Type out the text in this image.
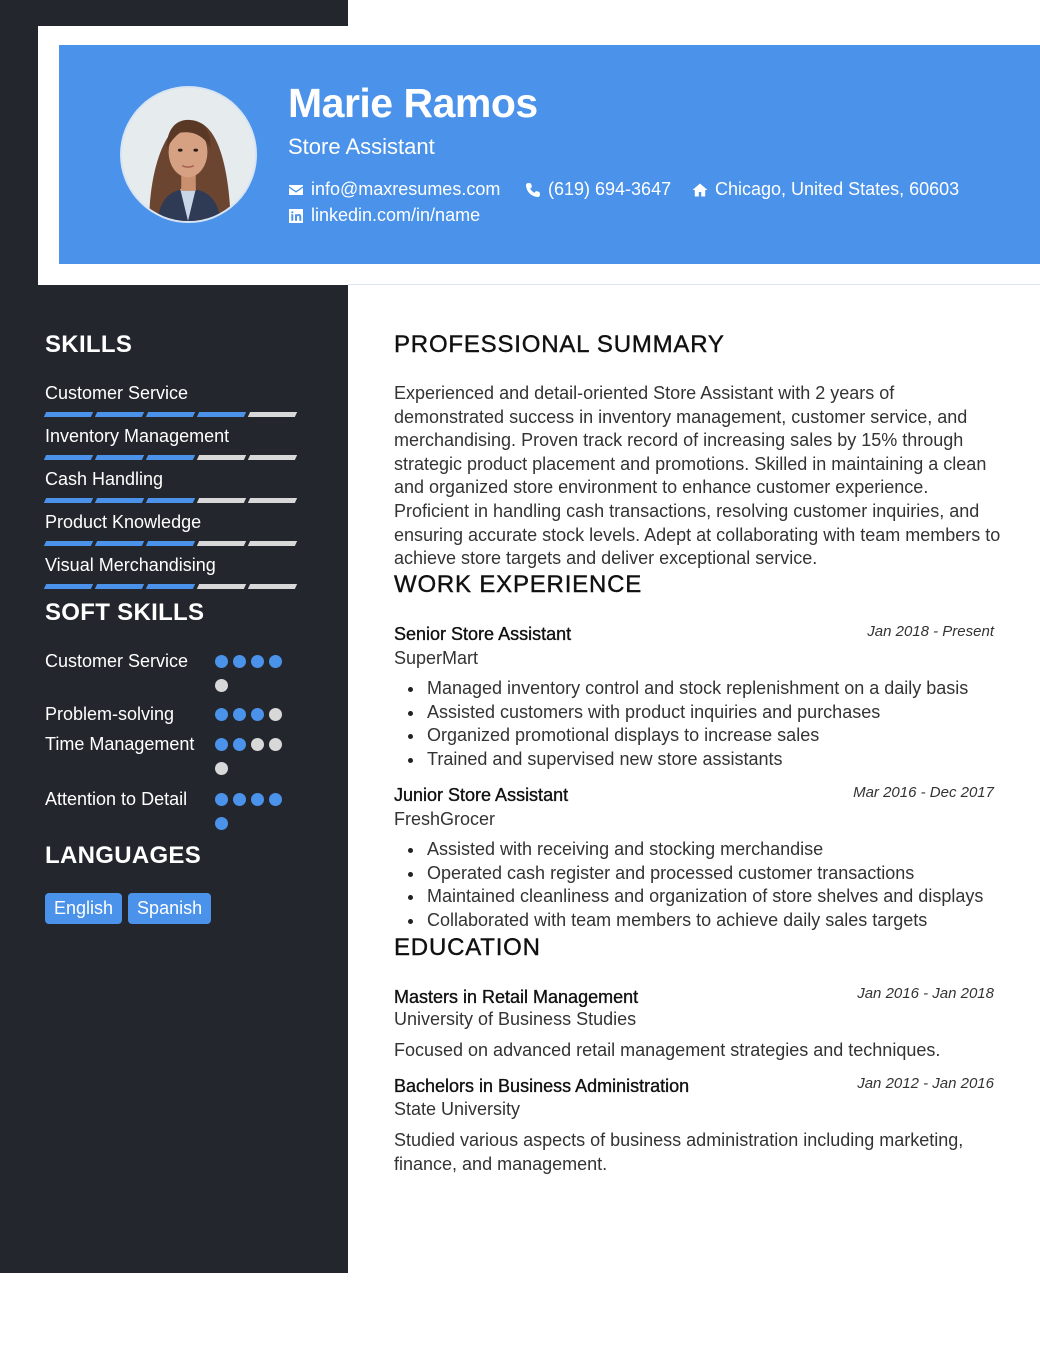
Marie Ramos
Store Assistant
info@maxresumes.com	(619) 694-3647 Chicago, United States, 60603
linkedin.com/in/name
SKILLS
Customer Service
Inventory Management
Cash Handling
Product Knowledge
Visual Merchandising
SOFT SKILLS
Customer Service
Problem-solving
Time Management
Attention to Detail
LANGUAGES
English	Spanish
PROFESSIONAL SUMMARY
Experienced and detail-oriented Store Assistant with 2 years of demonstrated success in inventory management, customer service, and merchandising. Proven track record of increasing sales by 15% through strategic product placement and promotions. Skilled in maintaining a clean and organized store environment to enhance customer experience. Proficient in handling cash transactions, resolving customer inquiries, and ensuring accurate stock levels. Adept at collaborating with team members to achieve store targets and deliver exceptional service.
WORK EXPERIENCE
Senior Store Assistant	Jan 2018 - Present
SuperMart
Managed inventory control and stock replenishment on a daily basis
Assisted customers with product inquiries and purchases
Organized promotional displays to increase sales
Trained and supervised new store assistants
Junior Store Assistant	Mar 2016 - Dec 2017
FreshGrocer
Assisted with receiving and stocking merchandise
Operated cash register and processed customer transactions
Maintained cleanliness and organization of store shelves and displays
Collaborated with team members to achieve daily sales targets
EDUCATION
Masters in Retail Management	Jan 2016 - Jan 2018
University of Business Studies
Focused on advanced retail management strategies and techniques.
Bachelors in Business Administration	Jan 2012 - Jan 2016
State University
Studied various aspects of business administration including marketing, finance, and management.
